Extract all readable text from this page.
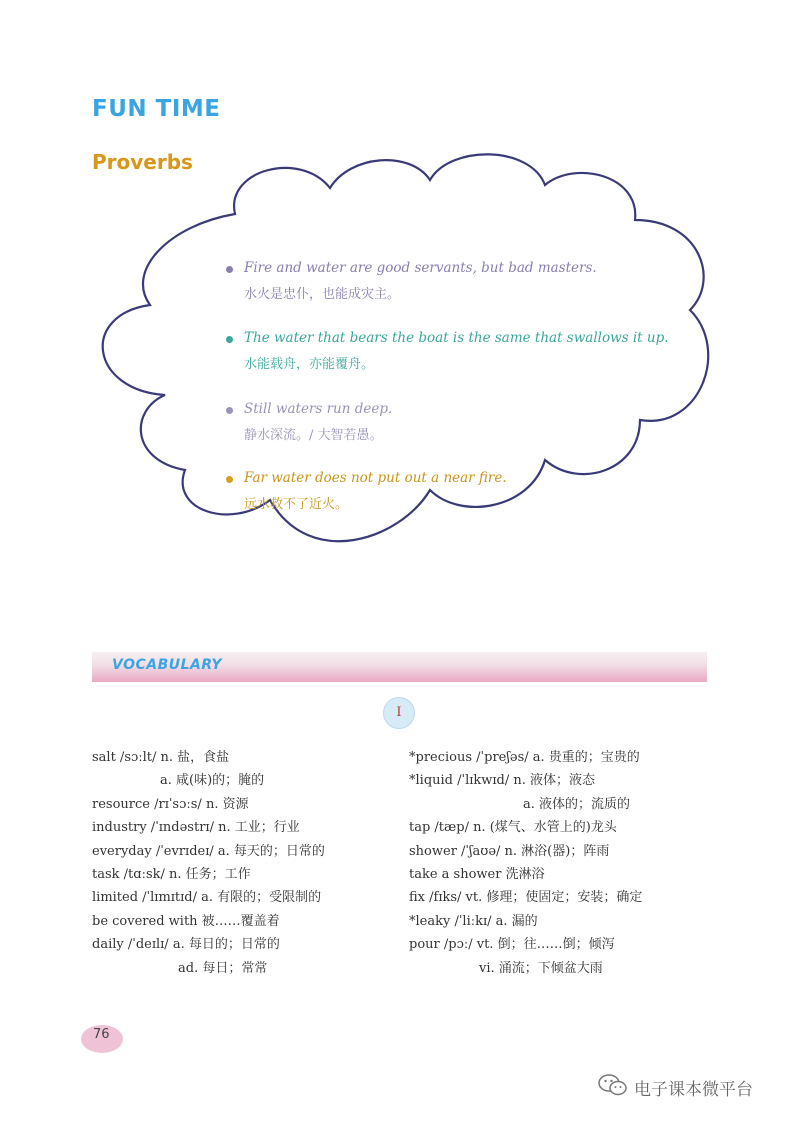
FUN TIME
Proverbs
Fire and water are good servants, but bad masters.
水火是忠仆，也能成灾主。
The water that bears the boat is the same that swallows it up.
水能载舟，亦能覆舟。
Still waters run deep.
静水深流。/ 大智若愚。
Far water does not put out a near fire.
远水救不了近火。
VOCABULARY
I
salt /sɔːlt/ n. 盐，食盐
a. 咸(味)的；腌的
resource /rɪˈsɔːs/ n. 资源
industry /ˈɪndəstrɪ/ n. 工业；行业
everyday /ˈevrɪdeɪ/ a. 每天的；日常的
task /tɑːsk/ n. 任务；工作
limited /ˈlɪmɪtɪd/ a. 有限的；受限制的
be covered with 被……覆盖着
daily /ˈdeɪlɪ/ a. 每日的；日常的
ad. 每日；常常
*precious /ˈpreʃəs/ a. 贵重的；宝贵的
*liquid /ˈlɪkwɪd/ n. 液体；液态
a. 液体的；流质的
tap /tæp/ n. (煤气、水管上的)龙头
shower /ˈʃaʊə/ n. 淋浴(器)；阵雨
take a shower 洗淋浴
fix /fɪks/ vt. 修理；使固定；安装；确定
*leaky /ˈliːkɪ/ a. 漏的
pour /pɔː/ vt. 倒；往……倒；倾泻
vi. 涌流；下倾盆大雨
76
电子课本微平台
